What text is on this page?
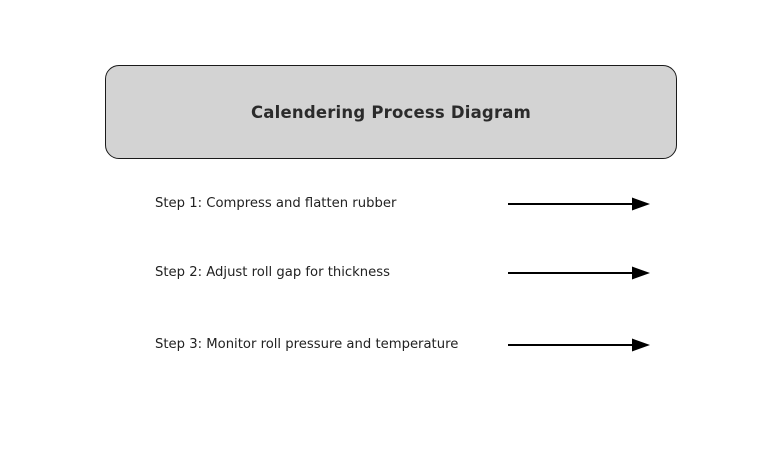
Calendering Process Diagram
Step 1: Compress and flatten rubber
Step 2: Adjust roll gap for thickness
Step 3: Monitor roll pressure and temperature
